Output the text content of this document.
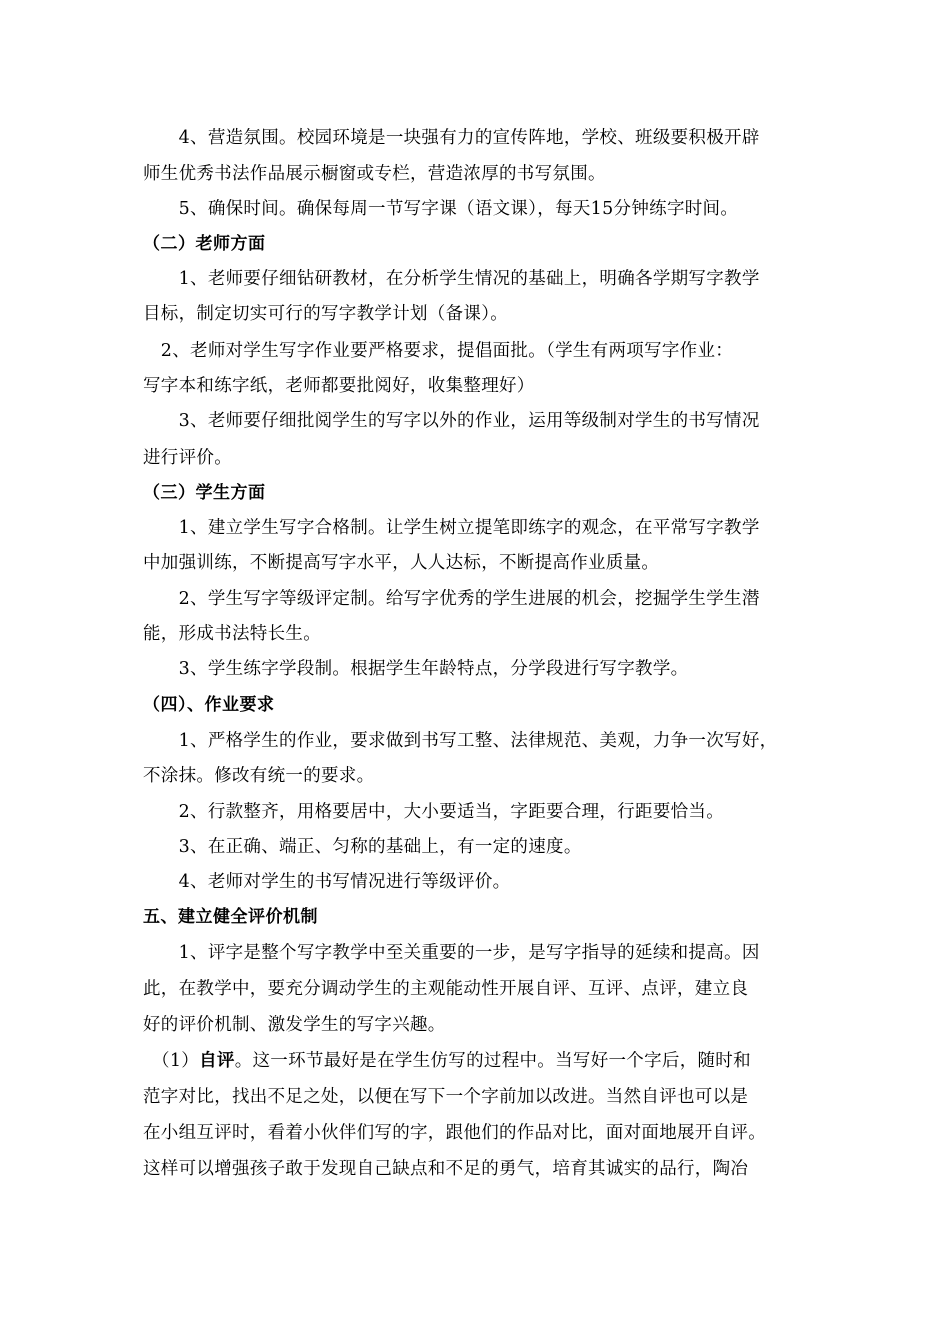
　　4、营造氛围。校园环境是一块强有力的宣传阵地，学校、班级要积极开辟
师生优秀书法作品展示橱窗或专栏，营造浓厚的书写氛围。
　　5、确保时间。确保每周一节写字课（语文课），每天15分钟练字时间。
（二）老师方面
　　1、老师要仔细钻研教材，在分析学生情况的基础上，明确各学期写字教学
目标，制定切实可行的写字教学计划（备课）。
　2、老师对学生写字作业要严格要求，提倡面批。（学生有两项写字作业：
写字本和练字纸，老师都要批阅好，收集整理好）
　　3、老师要仔细批阅学生的写字以外的作业，运用等级制对学生的书写情况
进行评价。
（三）学生方面
　　1、建立学生写字合格制。让学生树立提笔即练字的观念，在平常写字教学
中加强训练，不断提高写字水平，人人达标，不断提高作业质量。
　　2、学生写字等级评定制。给写字优秀的学生进展的机会，挖掘学生学生潜
能，形成书法特长生。
　　3、学生练字学段制。根据学生年龄特点，分学段进行写字教学。
（四）、作业要求
　　1、严格学生的作业，要求做到书写工整、法律规范、美观，力争一次写好，
不涂抹。修改有统一的要求。
　　2、行款整齐，用格要居中，大小要适当，字距要合理，行距要恰当。
　　3、在正确、端正、匀称的基础上，有一定的速度。
　　4、老师对学生的书写情况进行等级评价。
五、建立健全评价机制
　　1、评字是整个写字教学中至关重要的一步，是写字指导的延续和提高。因
此，在教学中，要充分调动学生的主观能动性开展自评、互评、点评，建立良
好的评价机制、激发学生的写字兴趣。
　（1）自评。这一环节最好是在学生仿写的过程中。当写好一个字后，随时和
范字对比，找出不足之处，以便在写下一个字前加以改进。当然自评也可以是
在小组互评时，看着小伙伴们写的字，跟他们的作品对比，面对面地展开自评。
这样可以增强孩子敢于发现自己缺点和不足的勇气，培育其诚实的品行，陶冶
